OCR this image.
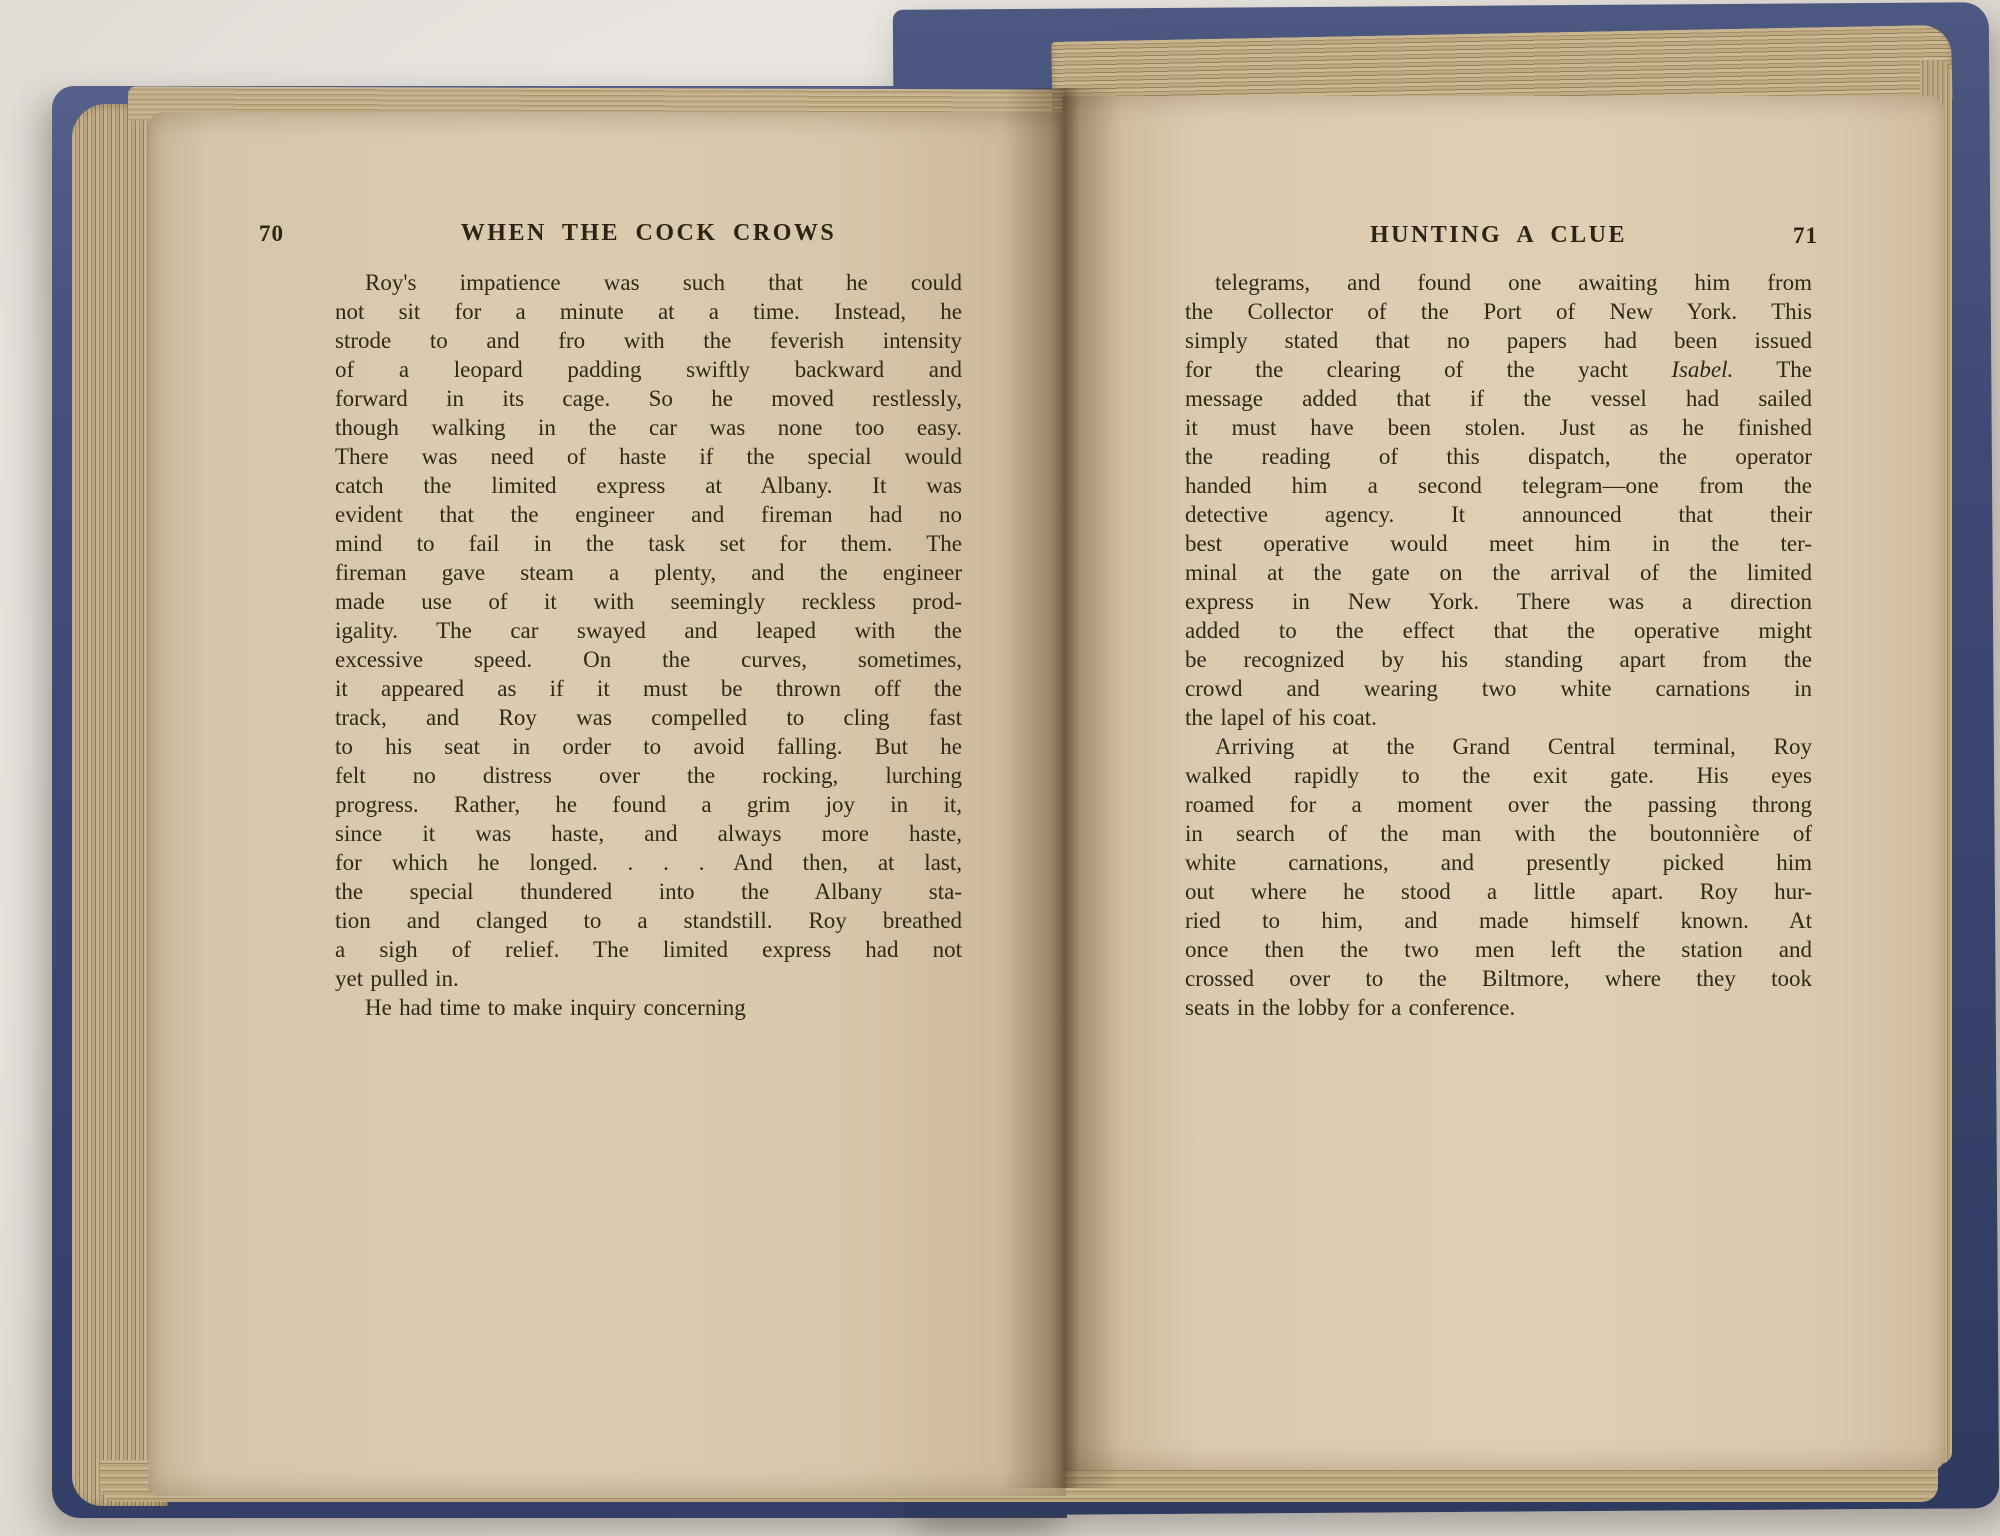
70	WHEN THE COCK CROWS
Roy's impatience was such that he could
not sit for a minute at a time. Instead, he
strode to and fro with the feverish intensity
of a leopard padding swiftly backward and
forward in its cage. So he moved restlessly,
though walking in the car was none too easy.
There was need of haste if the special would
catch the limited express at Albany. It was
evident that the engineer and fireman had no
mind to fail in the task set for them. The
fireman gave steam a plenty, and the engineer
made use of it with seemingly reckless prod-
igality. The car swayed and leaped with the
excessive speed. On the curves, sometimes,
it appeared as if it must be thrown off the
track, and Roy was compelled to cling fast
to his seat in order to avoid falling. But he
felt no distress over the rocking, lurching
progress. Rather, he found a grim joy in it,
since it was haste, and always more haste,
for which he longed. . . . And then, at last,
the special thundered into the Albany sta-
tion and clanged to a standstill. Roy breathed
a sigh of relief. The limited express had not
yet pulled in.
He had time to make inquiry concerning
HUNTING A CLUE	71
telegrams, and found one awaiting him from
the Collector of the Port of New York. This
simply stated that no papers had been issued
for the clearing of the yacht Isabel. The
message added that if the vessel had sailed
it must have been stolen. Just as he finished
the reading of this dispatch, the operator
handed him a second telegram—one from the
detective agency. It announced that their
best operative would meet him in the ter-
minal at the gate on the arrival of the limited
express in New York. There was a direction
added to the effect that the operative might
be recognized by his standing apart from the
crowd and wearing two white carnations in
the lapel of his coat.
Arriving at the Grand Central terminal, Roy
walked rapidly to the exit gate. His eyes
roamed for a moment over the passing throng
in search of the man with the boutonnière of
white carnations, and presently picked him
out where he stood a little apart. Roy hur-
ried to him, and made himself known. At
once then the two men left the station and
crossed over to the Biltmore, where they took
seats in the lobby for a conference.
